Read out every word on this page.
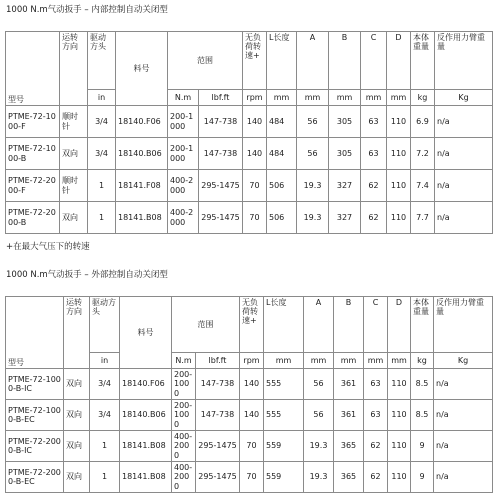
1000 N.m气动扳手 – 内部控制自动关闭型
型号	运转方向	驱动方头	料号	范围		无负荷转速+	L长度	A	B	C	D	本体重量	反作用力臂重量
		in		N.m	lbf.ft	rpm	mm	mm	mm	mm	mm	kg	Kg
PTME-72-1000-F	顺时针	3/4	18140.F06	200-1000	147-738	140	484	56	305	63	110	6.9	n/a
PTME-72-1000-B	双向	3/4	18140.B06	200-1000	147-738	140	484	56	305	63	110	7.2	n/a
PTME-72-2000-F	顺时针	1	18141.F08	400-2000	295-1475	70	506	19.3	327	62	110	7.4	n/a
PTME-72-2000-B	双向	1	18141.B08	400-2000	295-1475	70	506	19.3	327	62	110	7.7	n/a
+在最大气压下的转速
1000 N.m气动扳手 – 外部控制自动关闭型
型号	运转方向	驱动方头	料号	范围		无负荷转速+	L长度	A	B	C	D	本体重量	反作用力臂重量
		in		N.m	lbf.ft	rpm	mm	mm	mm	mm	mm	kg	Kg
PTME-72-1000-B-IC	双向	3/4	18140.F06	200-1000	147-738	140	555	56	361	63	110	8.5	n/a
PTME-72-1000-B-EC	双向	3/4	18140.B06	200-1000	147-738	140	555	56	361	63	110	8.5	n/a
PTME-72-2000-B-IC	双向	1	18141.B08	400-2000	295-1475	70	559	19.3	365	62	110	9	n/a
PTME-72-2000-B-EC	双向	1	18141.B08	400-2000	295-1475	70	559	19.3	365	62	110	9	n/a
